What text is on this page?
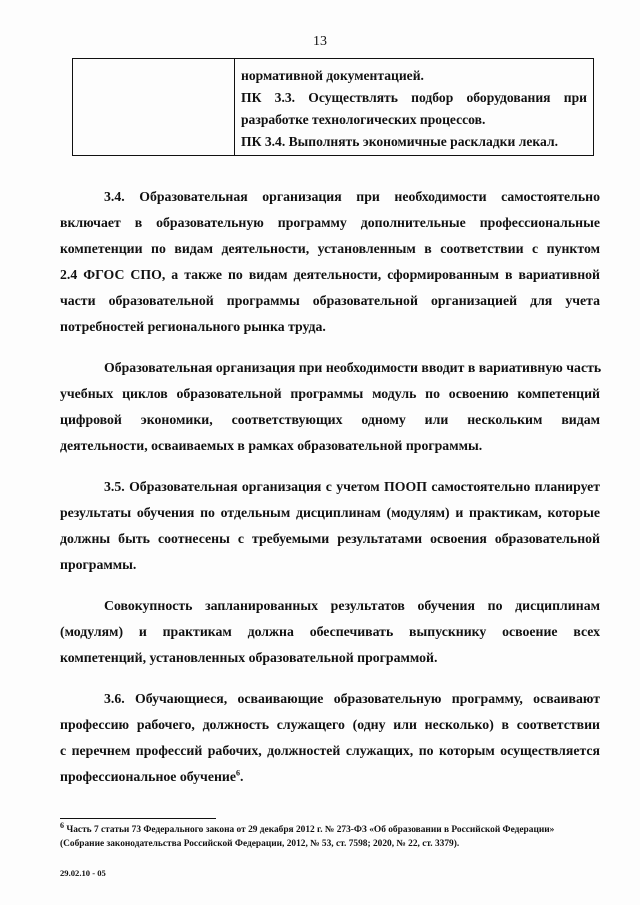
13
нормативной документацией.
ПК 3.3. Осуществлять подбор оборудования при
разработке технологических процессов.
ПК 3.4. Выполнять экономичные раскладки лекал.

3.4. Образовательная организация при необходимости самостоятельно
включает в образовательную программу дополнительные профессиональные
компетенции по видам деятельности, установленным в соответствии с пунктом
2.4 ФГОС СПО, а также по видам деятельности, сформированным в вариативной
части образовательной программы образовательной организацией для учета
потребностей регионального рынка труда.

Образовательная организация при необходимости вводит в вариативную часть
учебных циклов образовательной программы модуль по освоению компетенций
цифровой экономики, соответствующих одному или нескольким видам
деятельности, осваиваемых в рамках образовательной программы.

3.5. Образовательная организация с учетом ПООП самостоятельно планирует
результаты обучения по отдельным дисциплинам (модулям) и практикам, которые
должны быть соотнесены с требуемыми результатами освоения образовательной
программы.

Совокупность запланированных результатов обучения по дисциплинам
(модулям) и практикам должна обеспечивать выпускнику освоение всех
компетенций, установленных образовательной программой.

3.6. Обучающиеся, осваивающие образовательную программу, осваивают
профессию рабочего, должность служащего (одну или несколько) в соответствии
с перечнем профессий рабочих, должностей служащих, по которым осуществляется
профессиональное обучение$^6$.

$^6$ Часть 7 статьи 73 Федерального закона от 29 декабря 2012 г. № 273-ФЗ «Об образовании в Российской Федерации»
(Собрание законодательства Российской Федерации, 2012, № 53, ст. 7598; 2020, № 22, ст. 3379).
29.02.10 - 05
